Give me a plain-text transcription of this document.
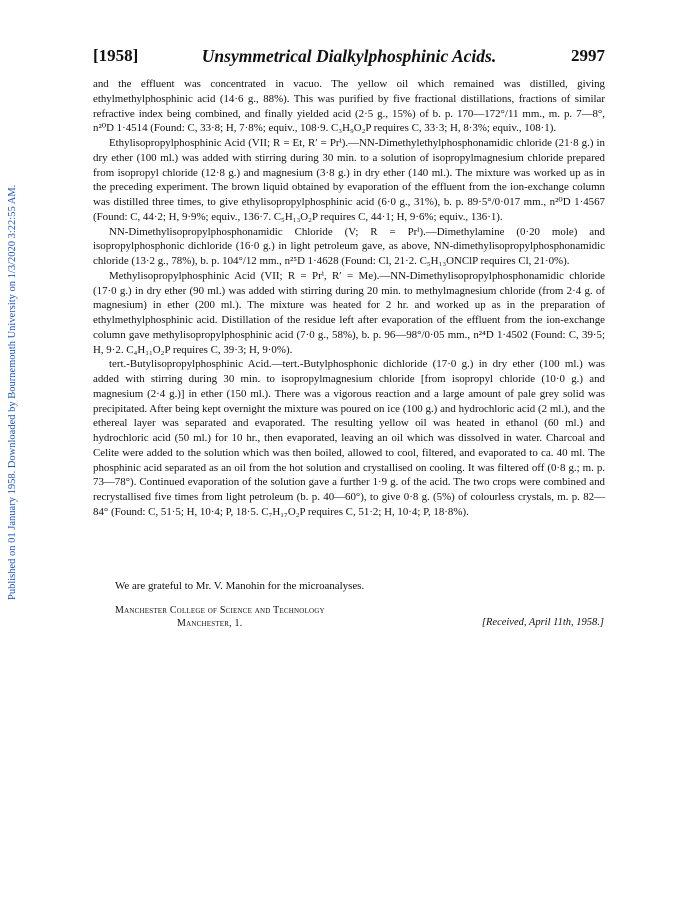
Published on 01 January 1958. Downloaded by Bournemouth University on 1/3/2020 3:22:55 AM.
[1958]	Unsymmetrical Dialkylphosphinic Acids.	2997

and the effluent was concentrated in vacuo. The yellow oil which remained was distilled, giving ethylmethylphosphinic acid (14·6 g., 88%). This was purified by five fractional distillations, fractions of similar refractive index being combined, and finally yielded acid (2·5 g., 15%) of b. p. 170—172°/11 mm., m. p. 7—8°, n²⁰D 1·4514 (Found: C, 33·8; H, 7·8%; equiv., 108·9. C₃H₉O₂P requires C, 33·3; H, 8·3%; equiv., 108·1).

Ethylisopropylphosphinic Acid (VII; R = Et, R′ = Prⁱ).—NN-Dimethylethylphosphonamidic chloride (21·8 g.) in dry ether (100 ml.) was added with stirring during 30 min. to a solution of isopropylmagnesium chloride prepared from isopropyl chloride (12·8 g.) and magnesium (3·8 g.) in dry ether (140 ml.). The mixture was worked up as in the preceding experiment. The brown liquid obtained by evaporation of the effluent from the ion-exchange column was distilled three times, to give ethylisopropylphosphinic acid (6·0 g., 31%), b. p. 89·5°/0·017 mm., n²⁰D 1·4567 (Found: C, 44·2; H, 9·9%; equiv., 136·7. C₅H₁₃O₂P requires C, 44·1; H, 9·6%; equiv., 136·1).

NN-Dimethylisopropylphosphonamidic Chloride (V; R = Prⁱ).—Dimethylamine (0·20 mole) and isopropylphosphonic dichloride (16·0 g.) in light petroleum gave, as above, NN-dimethylisopropylphosphonamidic chloride (13·2 g., 78%), b. p. 104°/12 mm., n²⁵D 1·4628 (Found: Cl, 21·2. C₅H₁₃ONClP requires Cl, 21·0%).

Methylisopropylphosphinic Acid (VII; R = Prⁱ, R′ = Me).—NN-Dimethylisopropylphosphonamidic chloride (17·0 g.) in dry ether (90 ml.) was added with stirring during 20 min. to methylmagnesium chloride (from 2·4 g. of magnesium) in ether (200 ml.). The mixture was heated for 2 hr. and worked up as in the preparation of ethylmethylphosphinic acid. Distillation of the residue left after evaporation of the effluent from the ion-exchange column gave methylisopropylphosphinic acid (7·0 g., 58%), b. p. 96—98°/0·05 mm., n²⁴D 1·4502 (Found: C, 39·5; H, 9·2. C₄H₁₁O₂P requires C, 39·3; H, 9·0%).

tert.-Butylisopropylphosphinic Acid.—tert.-Butylphosphonic dichloride (17·0 g.) in dry ether (100 ml.) was added with stirring during 30 min. to isopropylmagnesium chloride [from isopropyl chloride (10·0 g.) and magnesium (2·4 g.)] in ether (150 ml.). There was a vigorous reaction and a large amount of pale grey solid was precipitated. After being kept overnight the mixture was poured on ice (100 g.) and hydrochloric acid (2 ml.), and the ethereal layer was separated and evaporated. The resulting yellow oil was heated in ethanol (60 ml.) and hydrochloric acid (50 ml.) for 10 hr., then evaporated, leaving an oil which was dissolved in water. Charcoal and Celite were added to the solution which was then boiled, allowed to cool, filtered, and evaporated to ca. 40 ml. The phosphinic acid separated as an oil from the hot solution and crystallised on cooling. It was filtered off (0·8 g.; m. p. 73—78°). Continued evaporation of the solution gave a further 1·9 g. of the acid. The two crops were combined and recrystallised five times from light petroleum (b. p. 40—60°), to give 0·8 g. (5%) of colourless crystals, m. p. 82—84° (Found: C, 51·5; H, 10·4; P, 18·5. C₇H₁₇O₂P requires C, 51·2; H, 10·4; P, 18·8%).

We are grateful to Mr. V. Manohin for the microanalyses.
Manchester College of Science and Technology
Manchester, 1.	[Received, April 11th, 1958.]
